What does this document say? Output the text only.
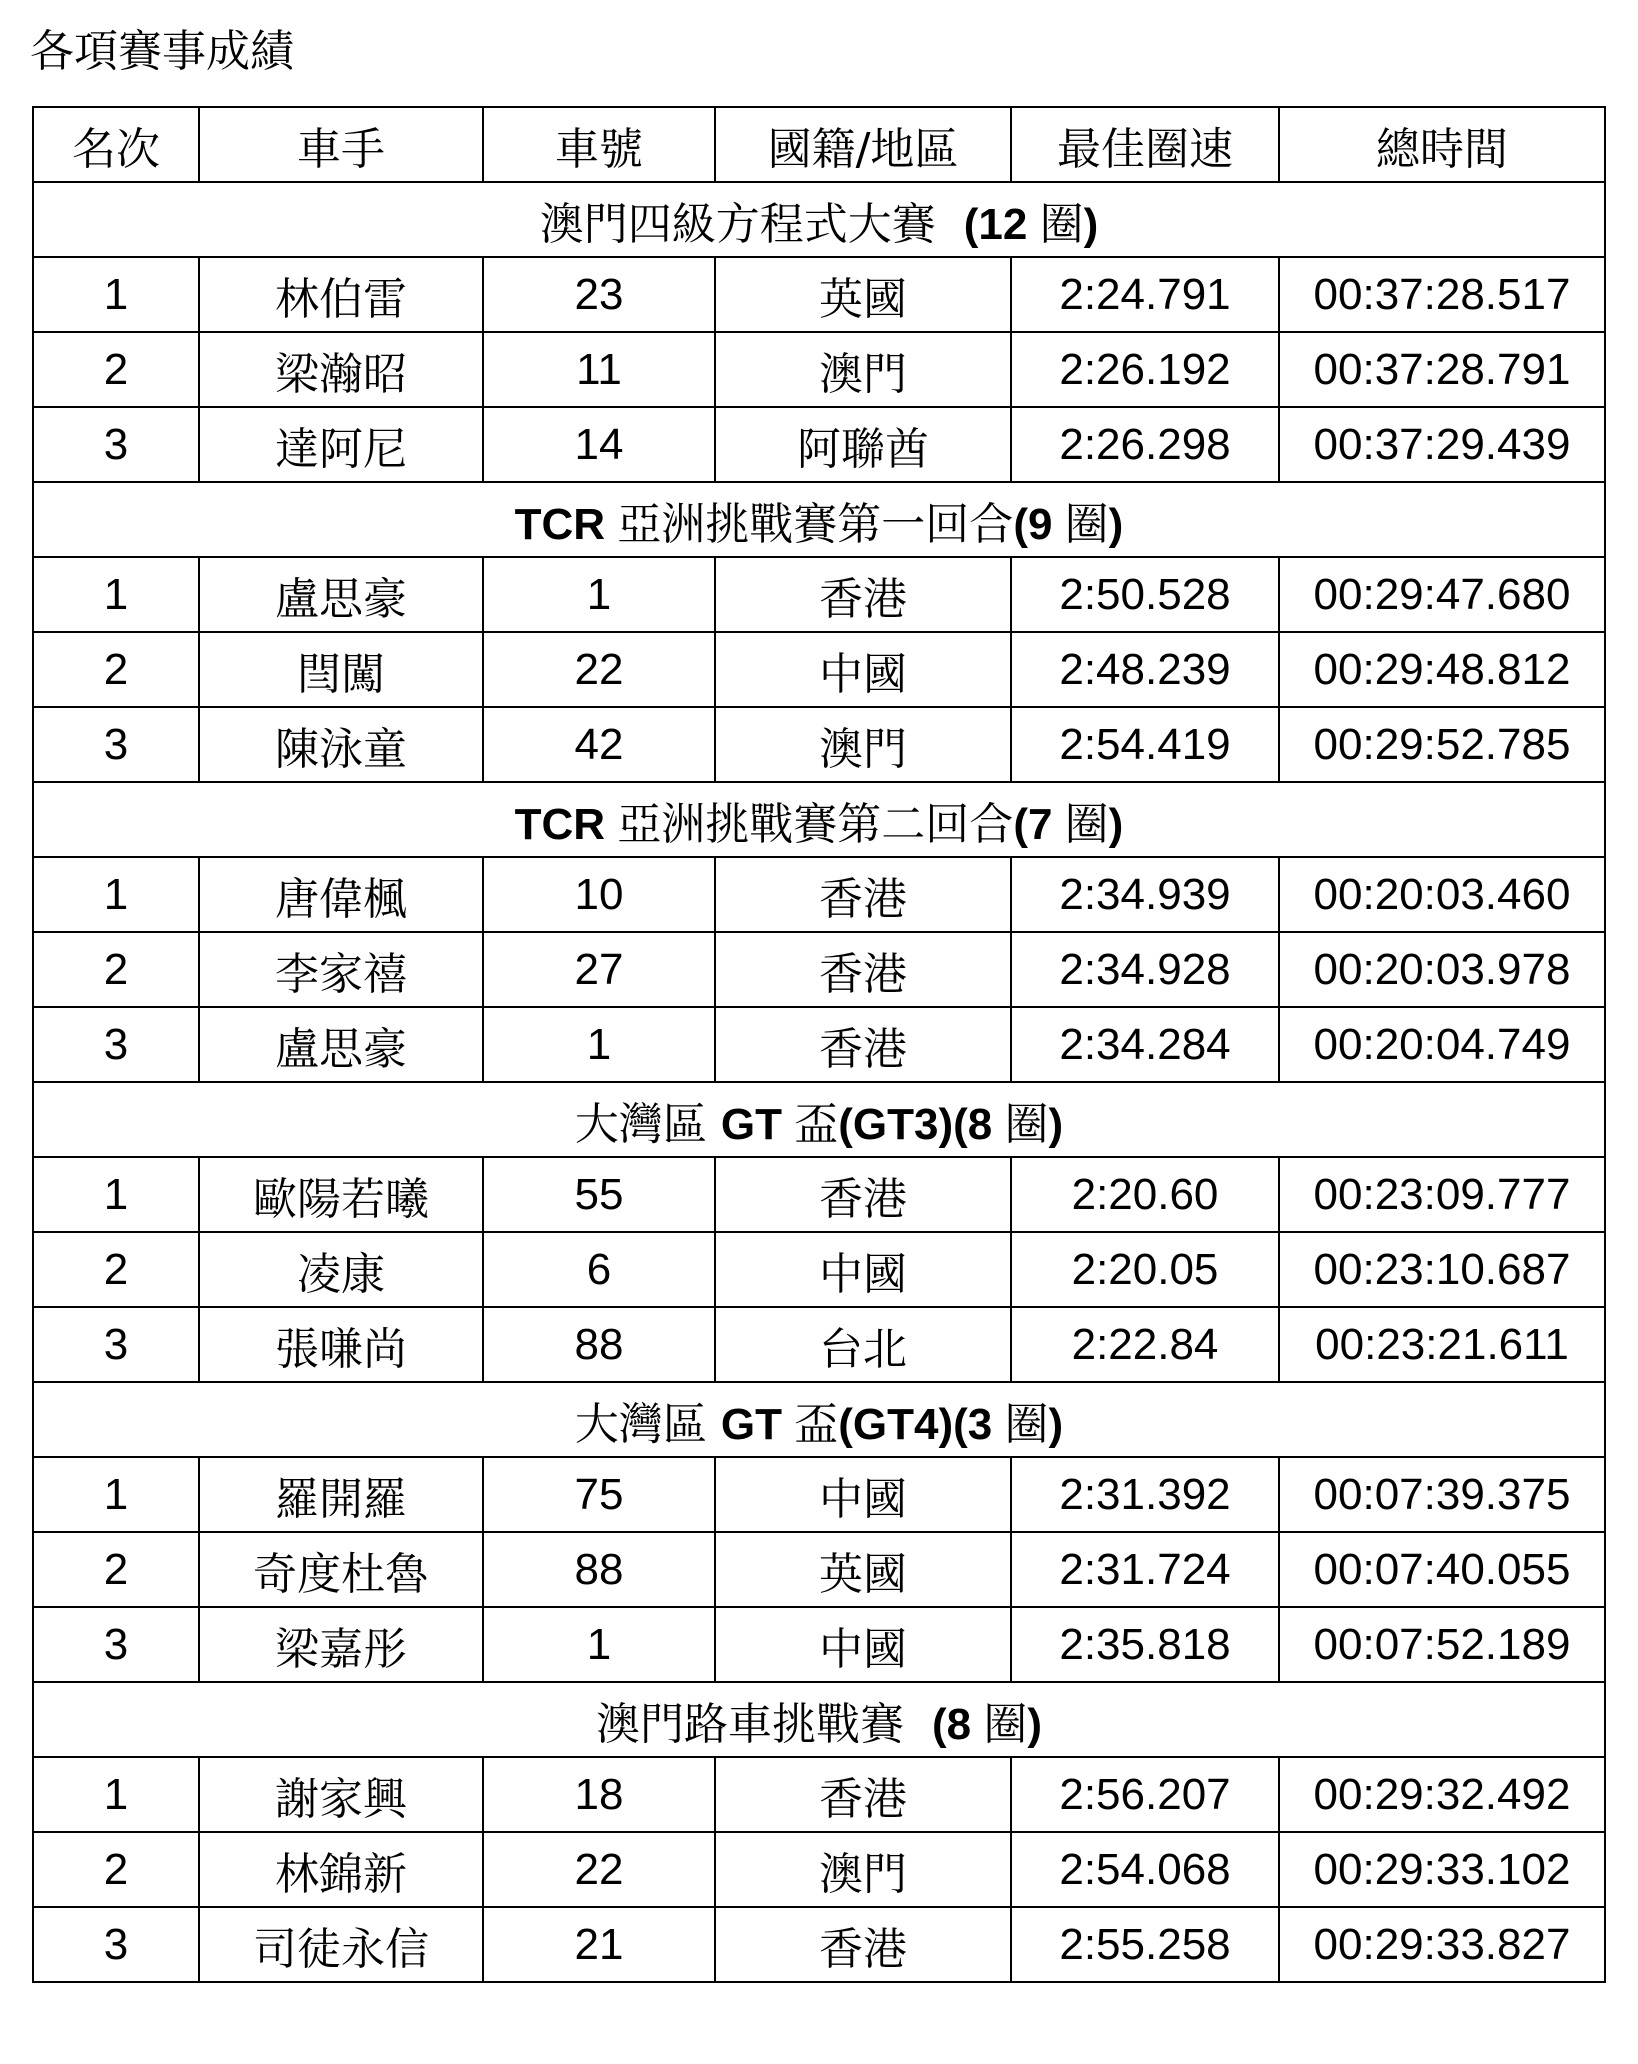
各項賽事成績
名次	車手	車號	國籍/地區	最佳圈速	總時間
澳門四級方程式大賽  (12 圈)					
1	林伯雷	23	英國	2:24.791	00:37:28.517
2	梁瀚昭	11	澳門	2:26.192	00:37:28.791
3	達阿尼	14	阿聯酋	2:26.298	00:37:29.439
TCR 亞洲挑戰賽第一回合(9 圈)					
1	盧思豪	1	香港	2:50.528	00:29:47.680
2	閆闖	22	中國	2:48.239	00:29:48.812
3	陳泳童	42	澳門	2:54.419	00:29:52.785
TCR 亞洲挑戰賽第二回合(7 圈)					
1	唐偉楓	10	香港	2:34.939	00:20:03.460
2	李家禧	27	香港	2:34.928	00:20:03.978
3	盧思豪	1	香港	2:34.284	00:20:04.749
大灣區 GT 盃(GT3)(8 圈)					
1	歐陽若曦	55	香港	2:20.60	00:23:09.777
2	凌康	6	中國	2:20.05	00:23:10.687
3	張嗛尚	88	台北	2:22.84	00:23:21.611
大灣區 GT 盃(GT4)(3 圈)					
1	羅開羅	75	中國	2:31.392	00:07:39.375
2	奇度杜魯	88	英國	2:31.724	00:07:40.055
3	梁嘉彤	1	中國	2:35.818	00:07:52.189
澳門路車挑戰賽  (8 圈)					
1	謝家興	18	香港	2:56.207	00:29:32.492
2	林錦新	22	澳門	2:54.068	00:29:33.102
3	司徒永信	21	香港	2:55.258	00:29:33.827
